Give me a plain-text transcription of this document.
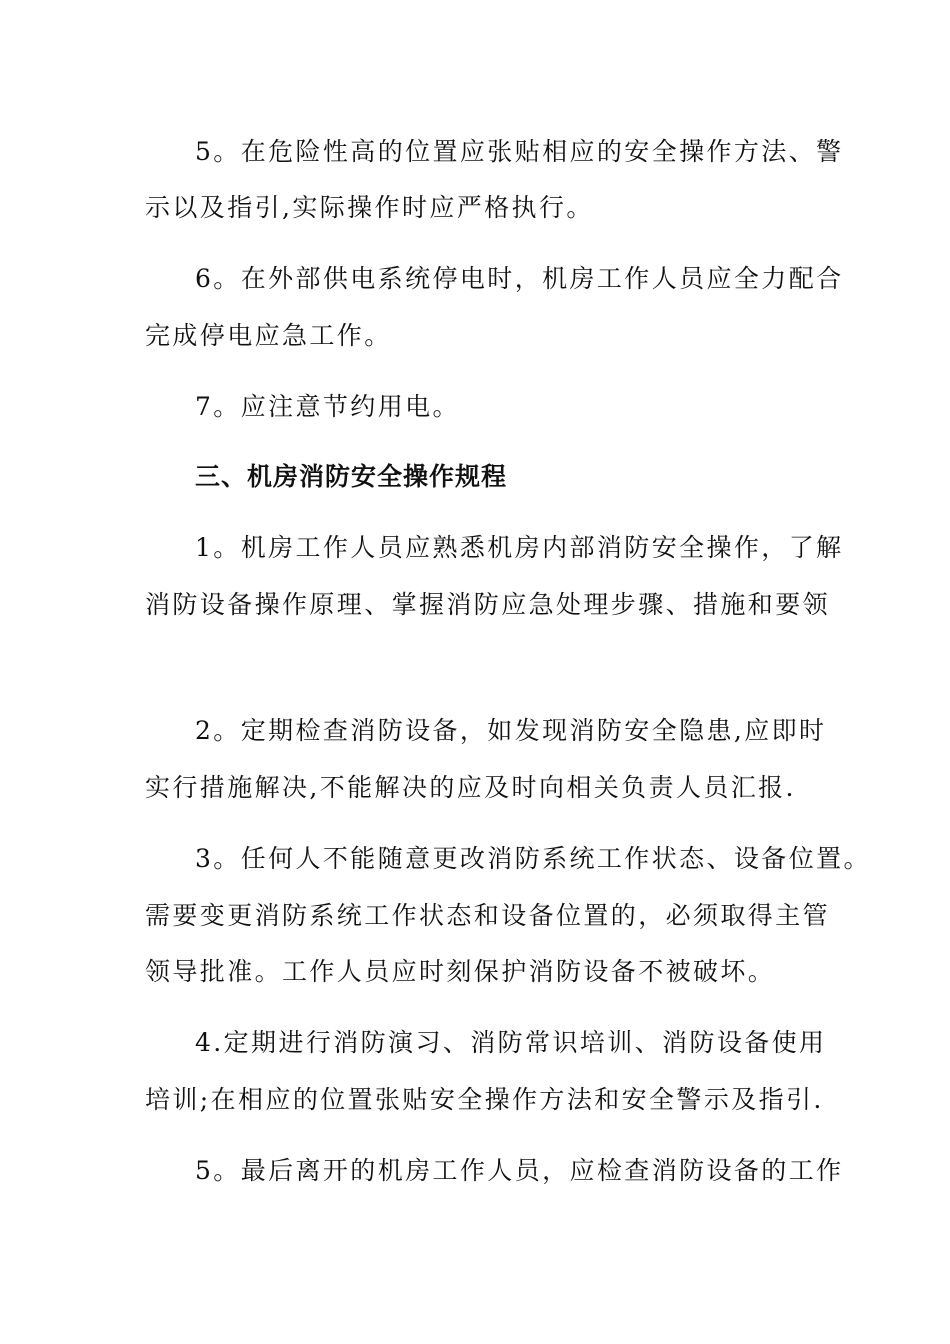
5。在危险性高的位置应张贴相应的安全操作方法、警
示以及指引,实际操作时应严格执行。
6。在外部供电系统停电时，机房工作人员应全力配合
完成停电应急工作。
7。应注意节约用电。
三、机房消防安全操作规程
1。机房工作人员应熟悉机房内部消防安全操作，了解
消防设备操作原理、掌握消防应急处理步骤、措施和要领
2。定期检查消防设备，如发现消防安全隐患,应即时
实行措施解决,不能解决的应及时向相关负责人员汇报.
3。任何人不能随意更改消防系统工作状态、设备位置。
需要变更消防系统工作状态和设备位置的，必须取得主管
领导批准。工作人员应时刻保护消防设备不被破坏。
4.定期进行消防演习、消防常识培训、消防设备使用
培训;在相应的位置张贴安全操作方法和安全警示及指引.
5。最后离开的机房工作人员，应检查消防设备的工作
